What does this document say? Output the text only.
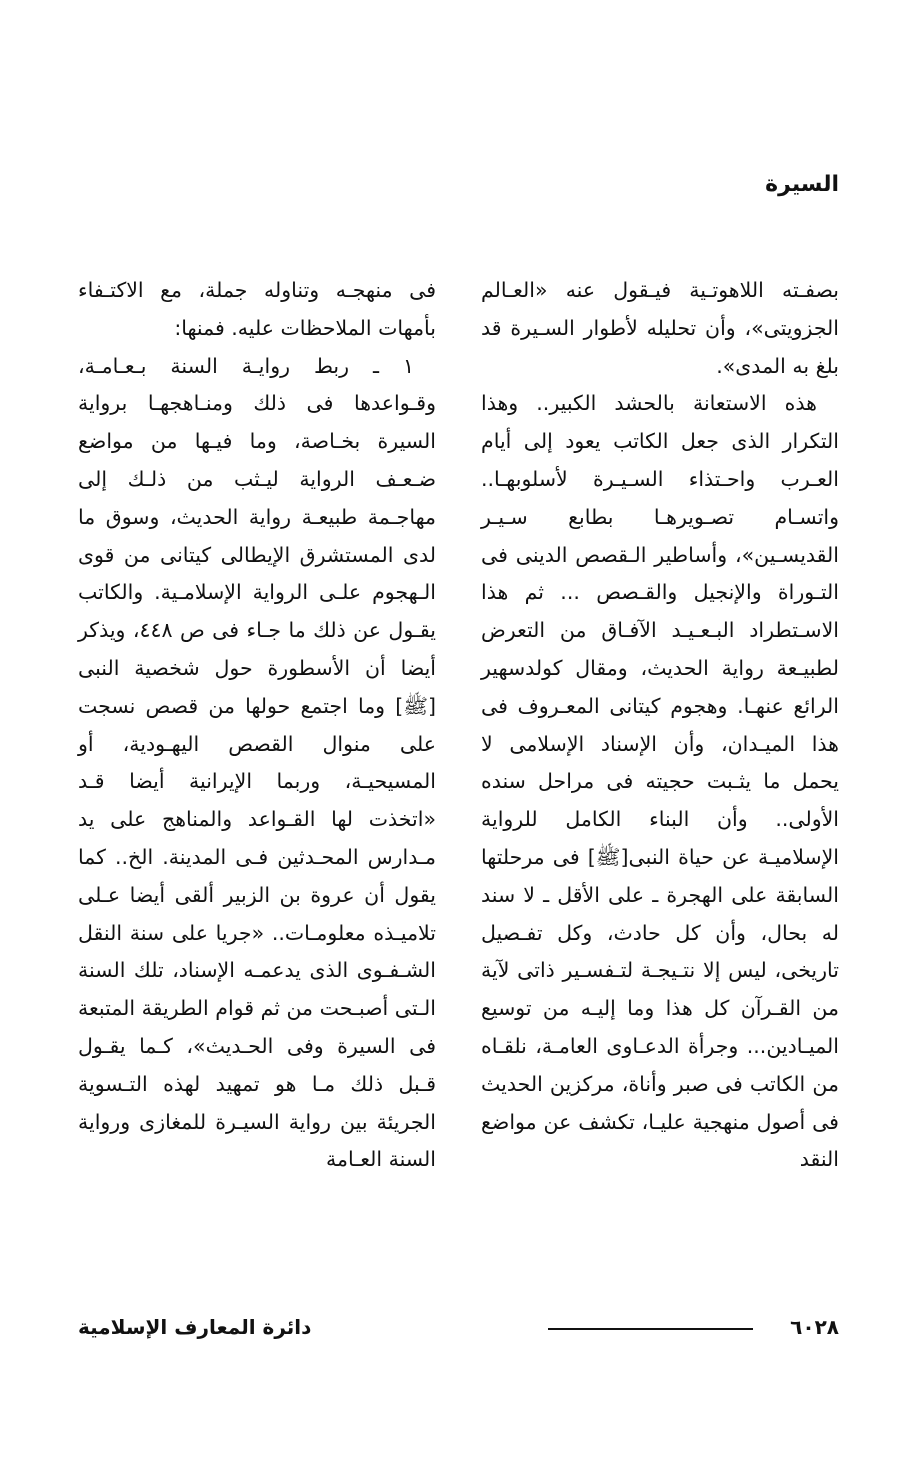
السيرة

بصفـته اللاهوتـية فيـقول عنه «العـالم الجزويتى»، وأن تحليله لأطوار السـيرة قد بلغ به المدى».

هذه الاستعانة بالحشد الكبير.. وهذا التكرار الذى جعل الكاتب يعود إلى أيام العـرب واحـتذاء السـيـرة لأسلوبهـا.. واتسـام تصـويرهـا بطابع سـيـر القديسـين»، وأساطير الـقصص الدينى فى التـوراة والإنجيل والقـصص ... ثم هذا الاسـتطراد البـعـيـد الآفـاق من التعرض لطبيـعة رواية الحديث، ومقال كولدسهير الرائع عنهـا. وهجوم كيتانى المعـروف فى هذا الميـدان، وأن الإسناد الإسلامى لا يحمل ما يثـبت حجيته فى مراحل سنده الأولى.. وأن البناء الكامل للرواية الإسلاميـة عن حياة النبى[ﷺ] فى مرحلتها السابقة على الهجرة ـ على الأقل ـ لا سند له بحال، وأن كل حادث، وكل تفـصيل تاريخى، ليس إلا نتـيجـة لتـفسـير ذاتى لآية من القـرآن كل هذا وما إليـه من توسيع الميـادين... وجرأة الدعـاوى العامـة، نلقـاه من الكاتب فى صبر وأناة، مركزين الحديث فى أصول منهجية عليـا، تكشف عن مواضع النقد

فى منهجـه وتناوله جملة، مع الاكتـفاء بأمهات الملاحظات عليه. فمنها:

١ ـ ربط روايـة السنة بـعـامـة، وقـواعدها فى ذلك ومنـاهجهـا برواية السيرة بخـاصة، وما فيـها من مواضع ضـعـف الرواية ليـثب من ذلـك إلى مهاجـمة طبيعـة رواية الحديث، وسوق ما لدى المستشرق الإيطالى كيتانى من قوى الـهجوم علـى الرواية الإسلامـية. والكاتب يقـول عن ذلك ما جـاء فى ص ٤٤٨، ويذكر أيضا أن الأسطورة حول شخصية النبى [ﷺ] وما اجتمع حولها من قصص نسجت على منوال القصص اليهـودية، أو المسيحيـة، وربما الإيرانية أيضا قـد «اتخذت لها القـواعد والمناهج على يد مـدارس المحـدثين فـى المدينة. الخ.. كما يقول أن عروة بن الزبير ألقى أيضا عـلى تلاميـذه معلومـات.. «جريا على سنة النقل الشـفـوى الذى يدعمـه الإسناد، تلك السنة الـتى أصبـحت من ثم قوام الطريقة المتبعة فى السيرة وفى الحـديث»، كـما يقـول قـبل ذلك مـا هو تمهيد لهذه التـسوية الجريئة بين رواية السيـرة للمغازى ورواية السنة العـامة

٦٠٢٨
دائرة المعارف الإسلامية
